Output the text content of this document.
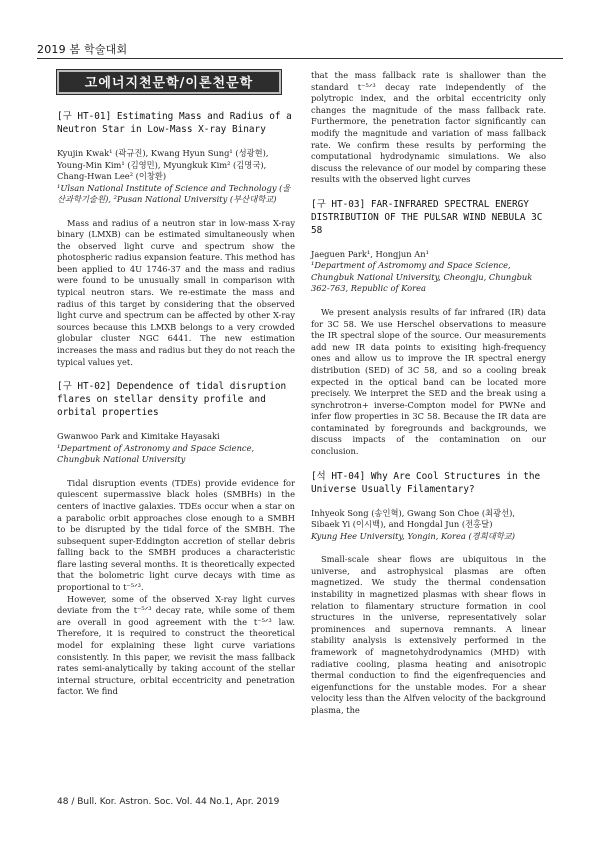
2019 봄 학술대회
고에너지천문학/이론천문학
[구 HT-01] Estimating Mass and Radius of a Neutron Star in Low-Mass X-ray Binary
Kyujin Kwak¹ (곽규진), Kwang Hyun Sung¹ (성광현), Young-Min Kim¹ (김영민), Myungkuk Kim² (김명국), Chang-Hwan Lee² (이창환)
¹Ulsan National Institute of Science and Technology (울산과학기술원), ²Pusan National University (부산대학교)

Mass and radius of a neutron star in low-mass X-ray binary (LMXB) can be estimated simultaneously when the observed light curve and spectrum show the photospheric radius expansion feature. This method has been applied to 4U 1746-37 and the mass and radius were found to be unusually small in comparison with typical neutron stars. We re-estimate the mass and radius of this target by considering that the observed light curve and spectrum can be affected by other X-ray sources because this LMXB belongs to a very crowded globular cluster NGC 6441. The new estimation increases the mass and radius but they do not reach the typical values yet.

[구 HT-02] Dependence of tidal disruption flares on stellar density profile and orbital properties
Gwanwoo Park and Kimitake Hayasaki
¹Department of Astronomy and Space Science, Chungbuk National University

Tidal disruption events (TDEs) provide evidence for quiescent supermassive black holes (SMBHs) in the centers of inactive galaxies. TDEs occur when a star on a parabolic orbit approaches close enough to a SMBH to be disrupted by the tidal force of the SMBH. The subsequent super-Eddington accretion of stellar debris falling back to the SMBH produces a characteristic flare lasting several months. It is theoretically expected that the bolometric light curve decays with time as proportional to t⁻⁵ᐟ³.

However, some of the observed X-ray light curves deviate from the t⁻⁵ᐟ³ decay rate, while some of them are overall in good agreement with the t⁻⁵ᐟ³ law. Therefore, it is required to construct the theoretical model for explaining these light curve variations consistently. In this paper, we revisit the mass fallback rates semi-analytically by taking account of the stellar internal structure, orbital eccentricity and penetration factor. We find

that the mass fallback rate is shallower than the standard t⁻⁵ᐟ³ decay rate independently of the polytropic index, and the orbital eccentricity only changes the magnitude of the mass fallback rate. Furthermore, the penetration factor significantly can modify the magnitude and variation of mass fallback rate. We confirm these results by performing the computational hydrodynamic simulations. We also discuss the relevance of our model by comparing these results with the observed light curves

[구 HT-03] FAR-INFRARED SPECTRAL ENERGY DISTRIBUTION OF THE PULSAR WIND NEBULA 3C 58
Jaeguen Park¹, Hongjun An¹
¹Department of Astromomy and Space Science, Chungbuk National University, Cheongju, Chungbuk 362-763, Republic of Korea

We present analysis results of far infrared (IR) data for 3C 58. We use Herschel observations to measure the IR spectral slope of the source. Our measurements add new IR data points to exisiting high-frequency ones and allow us to improve the IR spectral energy distribution (SED) of 3C 58, and so a cooling break expected in the optical band can be located more precisely. We interpret the SED and the break using a synchrotron+ inverse-Compton model for PWNe and infer flow properties in 3C 58. Because the IR data are contaminated by foregrounds and backgrounds, we discuss impacts of the contamination on our conclusion.

[석 HT-04] Why Are Cool Structures in the Universe Usually Filamentary?
Inhyeok Song (송인혁), Gwang Son Choe (최광선), Sibaek Yi (이시백), and Hongdal Jun (전홍달)
Kyung Hee University, Yongin, Korea (경희대학교)

Small-scale shear flows are ubiquitous in the universe, and astrophysical plasmas are often magnetized. We study the thermal condensation instability in magnetized plasmas with shear flows in relation to filamentary structure formation in cool structures in the universe, representatively solar prominences and supernova remnants. A linear stability analysis is extensively performed in the framework of magnetohydrodynamics (MHD) with radiative cooling, plasma heating and anisotropic thermal conduction to find the eigenfrequencies and eigenfunctions for the unstable modes. For a shear velocity less than the Alfven velocity of the background plasma, the

48 / Bull. Kor. Astron. Soc. Vol. 44 No.1, Apr. 2019
